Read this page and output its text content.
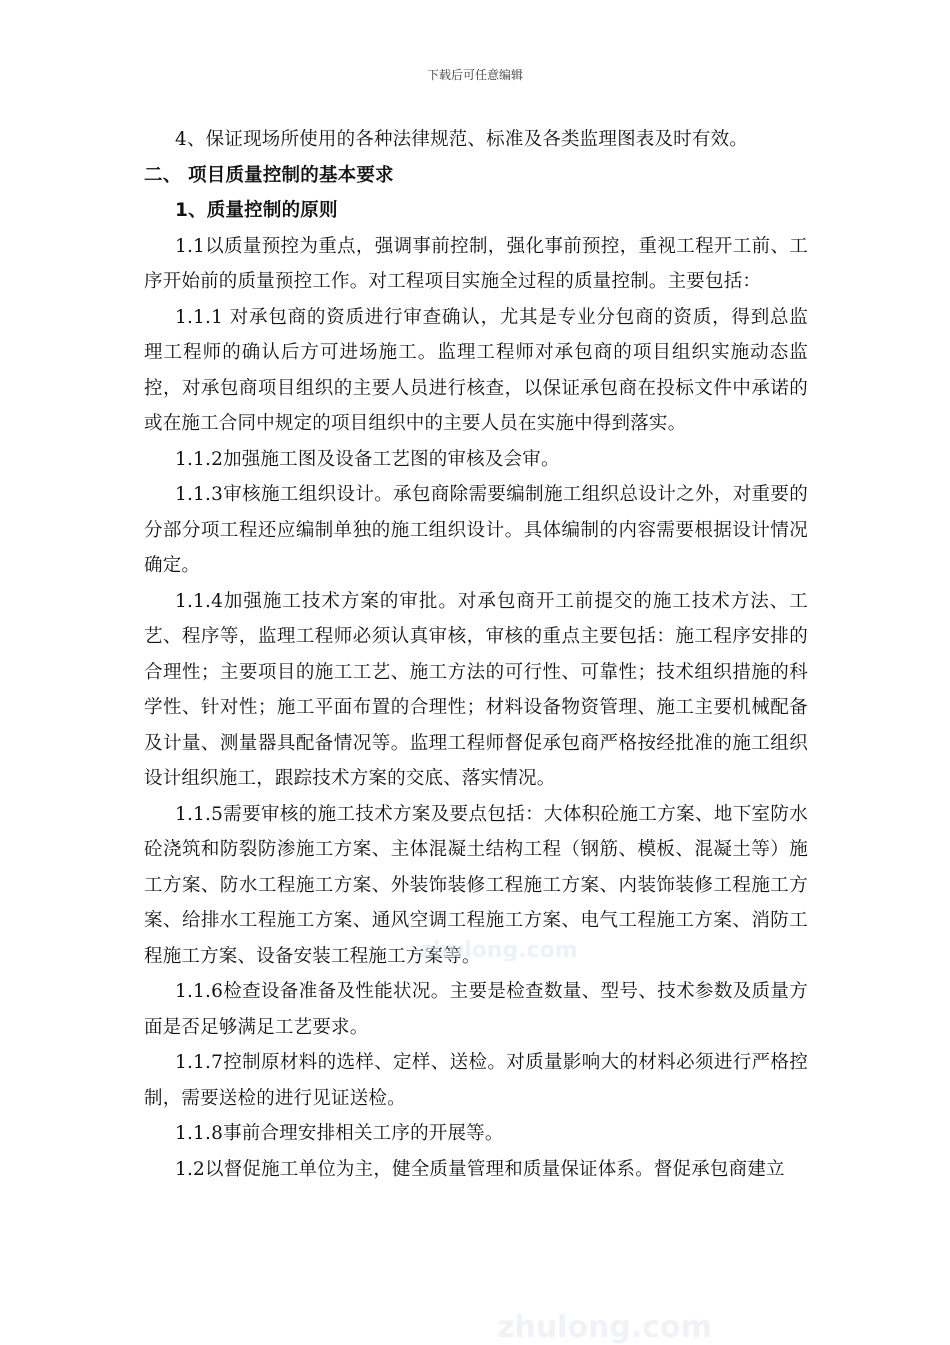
下载后可任意编辑

4、保证现场所使用的各种法律规范、标准及各类监理图表及时有效。

二、 项目质量控制的基本要求

1、质量控制的原则

1.1以质量预控为重点，强调事前控制，强化事前预控，重视工程开工前、工序开始前的质量预控工作。对工程项目实施全过程的质量控制。主要包括：

1.1.1 对承包商的资质进行审查确认，尤其是专业分包商的资质，得到总监理工程师的确认后方可进场施工。监理工程师对承包商的项目组织实施动态监控，对承包商项目组织的主要人员进行核查，以保证承包商在投标文件中承诺的或在施工合同中规定的项目组织中的主要人员在实施中得到落实。

1.1.2加强施工图及设备工艺图的审核及会审。

1.1.3审核施工组织设计。承包商除需要编制施工组织总设计之外，对重要的分部分项工程还应编制单独的施工组织设计。具体编制的内容需要根据设计情况确定。

1.1.4加强施工技术方案的审批。对承包商开工前提交的施工技术方法、工艺、程序等，监理工程师必须认真审核，审核的重点主要包括：施工程序安排的合理性；主要项目的施工工艺、施工方法的可行性、可靠性；技术组织措施的科学性、针对性；施工平面布置的合理性；材料设备物资管理、施工主要机械配备及计量、测量器具配备情况等。监理工程师督促承包商严格按经批准的施工组织设计组织施工，跟踪技术方案的交底、落实情况。

1.1.5需要审核的施工技术方案及要点包括：大体积砼施工方案、地下室防水砼浇筑和防裂防渗施工方案、主体混凝土结构工程（钢筋、模板、混凝土等）施工方案、防水工程施工方案、外装饰装修工程施工方案、内装饰装修工程施工方案、给排水工程施工方案、通风空调工程施工方案、电气工程施工方案、消防工程施工方案、设备安装工程施工方案等。

1.1.6检查设备准备及性能状况。主要是检查数量、型号、技术参数及质量方面是否足够满足工艺要求。

1.1.7控制原材料的选样、定样、送检。对质量影响大的材料必须进行严格控制，需要送检的进行见证送检。

1.1.8事前合理安排相关工序的开展等。

1.2以督促施工单位为主，健全质量管理和质量保证体系。督促承包商建立

zhulong.com
zhulong.com
